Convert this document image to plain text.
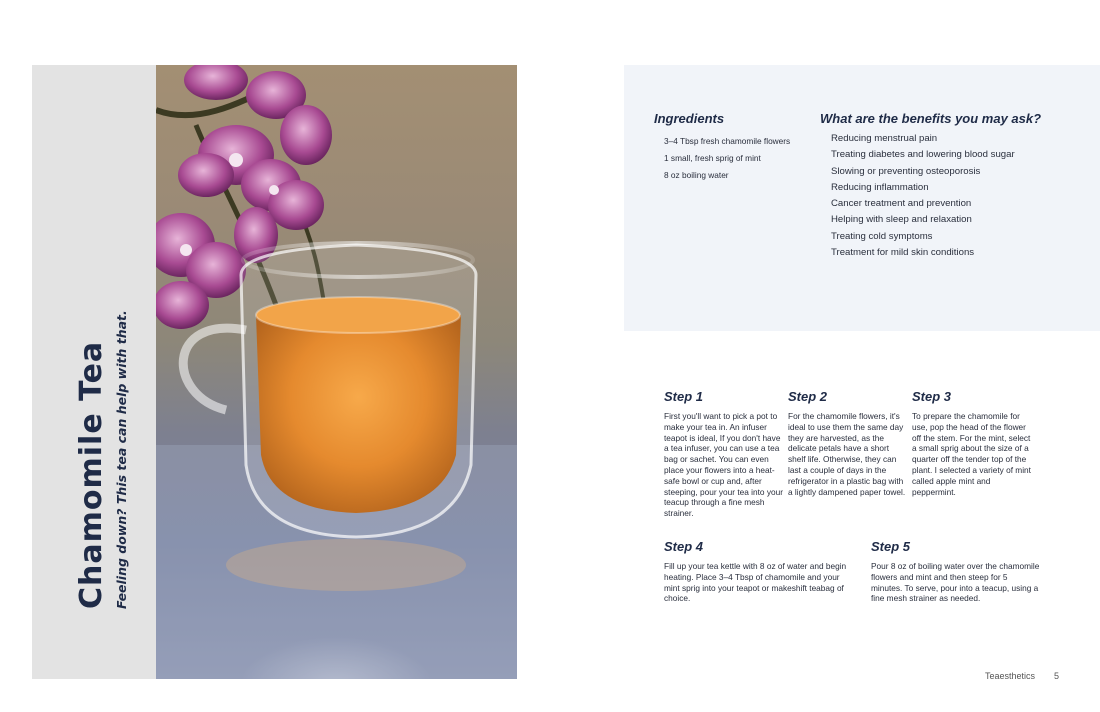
Chamomile Tea Feeling down? This tea can help with that.
Ingredients
3–4 Tbsp fresh chamomile flowers
1 small, fresh sprig of mint
8 oz boiling water
What are the benefits you may ask?
Reducing menstrual pain
Treating diabetes and lowering blood sugar
Slowing or preventing osteoporosis
Reducing inflammation
Cancer treatment and prevention
Helping with sleep and relaxation
Treating cold symptoms
Treatment for mild skin conditions
Step 1

First you'll want to pick a pot to make your tea in. An infuser teapot is ideal, If you don't have a tea infuser, you can use a tea bag or sachet. You can even place your flowers into a heat-safe bowl or cup and, after steeping, pour your tea into your teacup through a fine mesh strainer.

Step 2

For the chamomile flowers, it's ideal to use them the same day they are harvested, as the delicate petals have a short shelf life. Otherwise, they can last a couple of days in the refrigerator in a plastic bag with a lightly dampened paper towel.

Step 3

To prepare the chamomile for use, pop the head of the flower off the stem. For the mint, select a small sprig about the size of a quarter off the tender top of the plant. I selected a variety of mint called apple mint and peppermint.

Step 4

Fill up your tea kettle with 8 oz of water and begin heating. Place 3–4 Tbsp of chamomile and your mint sprig into your teapot or makeshift teabag of choice.

Step 5

Pour 8 oz of boiling water over the chamomile flowers and mint and then steep for 5 minutes. To serve, pour into a teacup, using a fine mesh strainer as needed.

Teaesthetics 5
